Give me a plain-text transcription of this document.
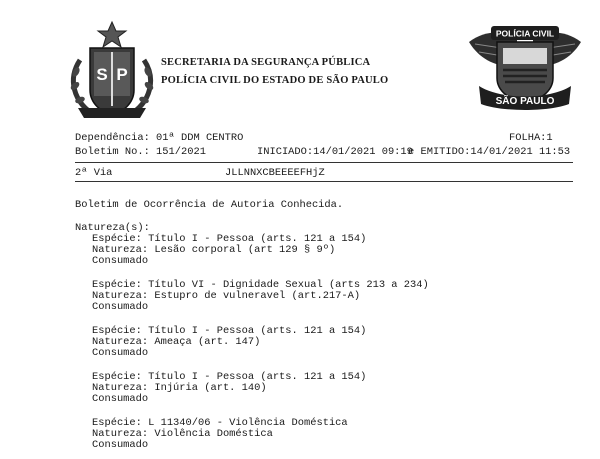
S P
SECRETARIA DA SEGURANÇA PÚBLICA
POLÍCIA CIVIL DO ESTADO DE SÃO PAULO
POLÍCIA CIVIL
SÃO PAULO
Dependência: 01ª DDM CENTRO	FOLHA:1
Boletim No.: 151/2021	INICIADO:14/01/2021 09:19
e EMITIDO:14/01/2021 11:53
2ª Via	JLLNNXCBEEEEFHjZ
Boletim de Ocorrência de Autoria Conhecida.
Natureza(s):
Espécie: Título I - Pessoa (arts. 121 a 154)
Natureza: Lesão corporal (art 129 § 9º)
Consumado
Espécie: Título VI - Dignidade Sexual (arts 213 a 234)
Natureza: Estupro de vulneravel (art.217-A)
Consumado
Espécie: Título I - Pessoa (arts. 121 a 154)
Natureza: Ameaça (art. 147)
Consumado
Espécie: Título I - Pessoa (arts. 121 a 154)
Natureza: Injúria (art. 140)
Consumado
Espécie: L 11340/06 - Violência Doméstica
Natureza: Violência Doméstica
Consumado
